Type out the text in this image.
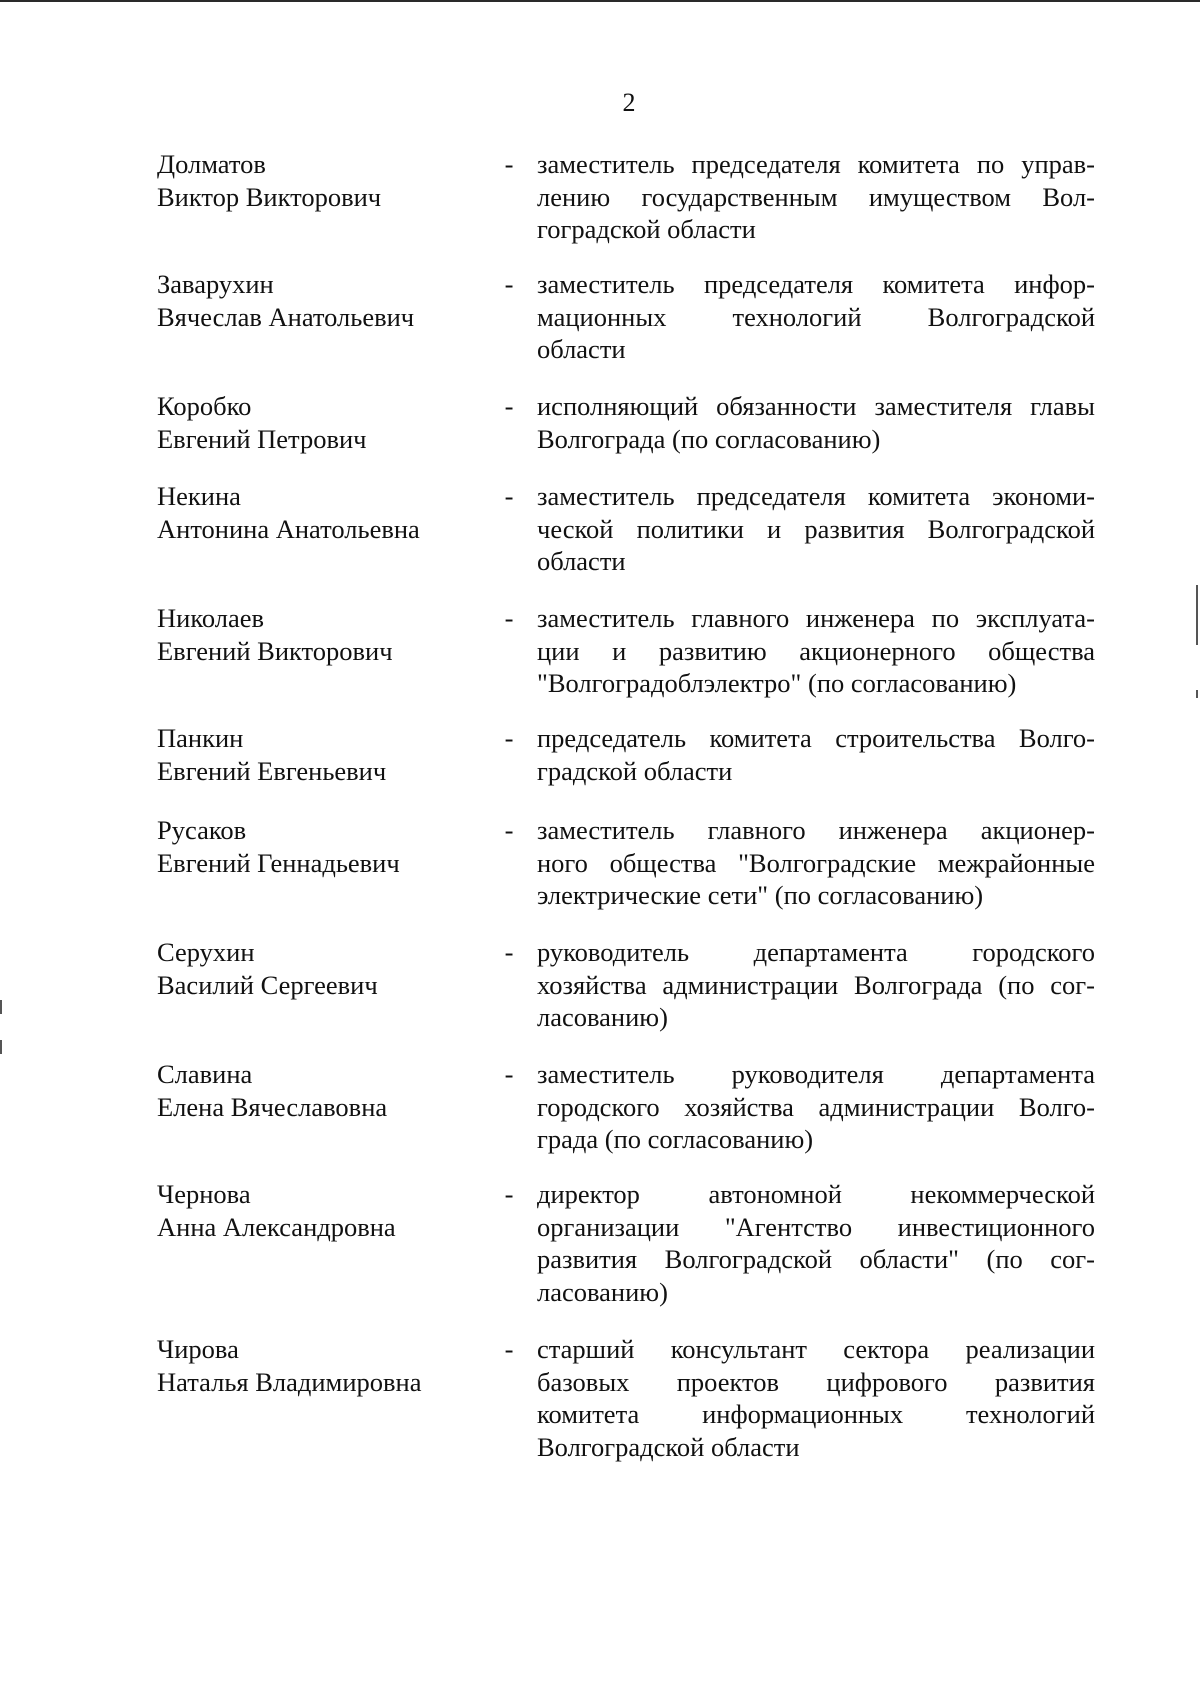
2
Долматов
Виктор Викторович
- заместитель председателя комитета по управ-
лению государственным имуществом Вол-
гоградской области
Заварухин
Вячеслав Анатольевич
- заместитель председателя комитета инфор-
мационных технологий Волгоградской
области
Коробко
Евгений Петрович
- исполняющий обязанности заместителя главы
Волгограда (по согласованию)
Некина
Антонина Анатольевна
- заместитель председателя комитета экономи-
ческой политики и развития Волгоградской
области
Николаев
Евгений Викторович
- заместитель главного инженера по эксплуата-
ции и развитию акционерного общества
"Волгоградоблэлектро" (по согласованию)
Панкин
Евгений Евгеньевич
- председатель комитета строительства Волго-
градской области
Русаков
Евгений Геннадьевич
- заместитель главного инженера акционер-
ного общества "Волгоградские межрайонные
электрические сети" (по согласованию)
Серухин
Василий Сергеевич
- руководитель департамента городского
хозяйства администрации Волгограда (по сог-
ласованию)
Славина
Елена Вячеславовна
- заместитель руководителя департамента
городского хозяйства администрации Волго-
града (по согласованию)
Чернова
Анна Александровна
- директор автономной некоммерческой
организации "Агентство инвестиционного
развития Волгоградской области" (по сог-
ласованию)
Чирова
Наталья Владимировна
- старший консультант сектора реализации
базовых проектов цифрового развития
комитета информационных технологий
Волгоградской области
